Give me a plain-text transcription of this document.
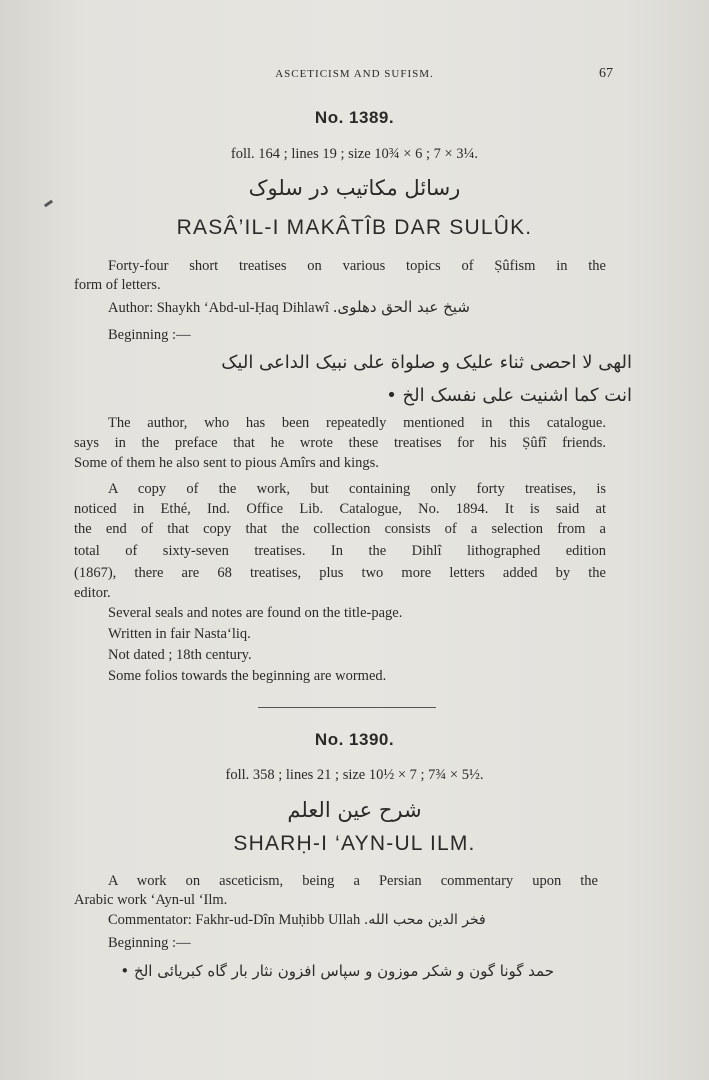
ASCETICISM AND SUFISM.	67
No. 1389.
foll. 164 ; lines 19 ; size 10¾ × 6 ; 7 × 3¼.
رسائل مکاتیب در سلوک
RASÂ’IL-I MAKÂTÎB DAR SULÛK.
Forty-four short treatises on various topics of Ṣûfism in the
form of letters.
Author: Shaykh ‘Abd-ul-Ḥaq Dihlawî شیخ عبد الحق دھلوی.
Beginning :—
الهی لا احصی ثناء علیک و صلواة علی نبیک الداعی الیک
انت کما اشنیت علی نفسک الخ •
The author, who has been repeatedly mentioned in this catalogue.
says in the preface that he wrote these treatises for his Ṣûfî friends.
Some of them he also sent to pious Amîrs and kings.
A copy of the work, but containing only forty treatises, is
noticed in Ethé, Ind. Office Lib. Catalogue, No. 1894. It is said at
the end of that copy that the collection consists of a selection from a
total of sixty-seven treatises. In the Dihlî lithographed edition
(1867), there are 68 treatises, plus two more letters added by the
editor.
Several seals and notes are found on the title-page.
Written in fair Nasta‘liq.
Not dated ; 18th century.
Some folios towards the beginning are wormed.
No. 1390.
foll. 358 ; lines 21 ; size 10½ × 7 ; 7¾ × 5½.
شرح عین العلم
SHARḤ-I ‘AYN-UL ILM.
A work on asceticism, being a Persian commentary upon the
Arabic work ‘Ayn-ul ‘Ilm.
Commentator: Fakhr-ud-Dîn Muḥibb Ullah فخر الدین محب الله.
Beginning :—
حمد گونا گون و شکر موزون و سپاس افزون نثار بار گاه کبریائی الخ •
